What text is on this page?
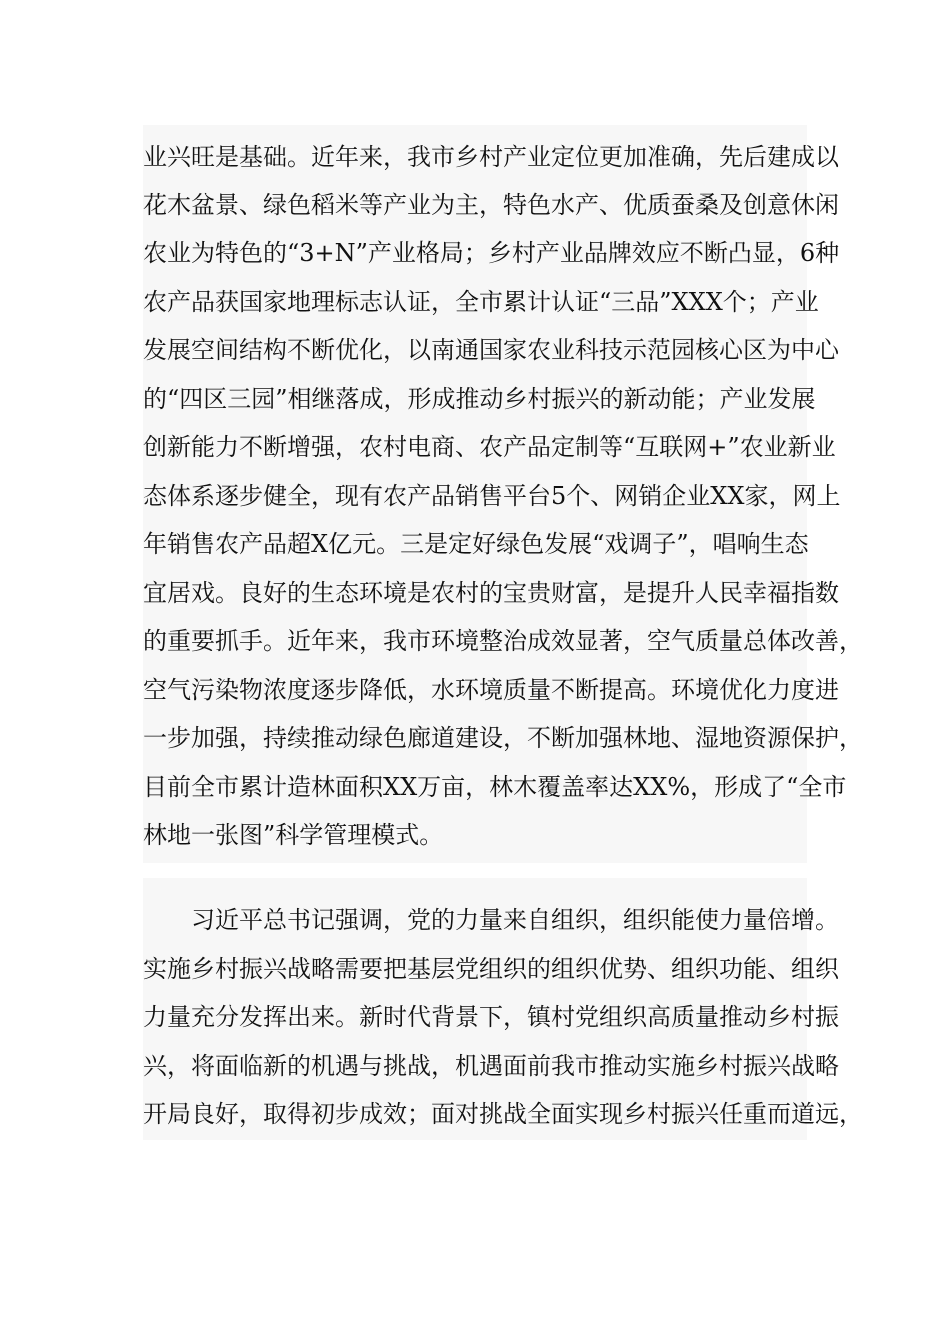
业兴旺是基础。近年来，我市乡村产业定位更加准确，先后建成以
花木盆景、绿色稻米等产业为主，特色水产、优质蚕桑及创意休闲
农业为特色的“3+N”产业格局；乡村产业品牌效应不断凸显，6种
农产品获国家地理标志认证，全市累计认证“三品”XXX个；产业
发展空间结构不断优化，以南通国家农业科技示范园核心区为中心
的“四区三园”相继落成，形成推动乡村振兴的新动能；产业发展
创新能力不断增强，农村电商、农产品定制等“互联网+”农业新业
态体系逐步健全，现有农产品销售平台5个、网销企业XX家，网上
年销售农产品超X亿元。三是定好绿色发展“戏调子”，唱响生态
宜居戏。良好的生态环境是农村的宝贵财富，是提升人民幸福指数
的重要抓手。近年来，我市环境整治成效显著，空气质量总体改善，
空气污染物浓度逐步降低，水环境质量不断提高。环境优化力度进
一步加强，持续推动绿色廊道建设，不断加强林地、湿地资源保护，
目前全市累计造林面积XX万亩，林木覆盖率达XX%，形成了“全市
林地一张图”科学管理模式。
习近平总书记强调，党的力量来自组织，组织能使力量倍增。
实施乡村振兴战略需要把基层党组织的组织优势、组织功能、组织
力量充分发挥出来。新时代背景下，镇村党组织高质量推动乡村振
兴，将面临新的机遇与挑战，机遇面前我市推动实施乡村振兴战略
开局良好，取得初步成效；面对挑战全面实现乡村振兴任重而道远，
